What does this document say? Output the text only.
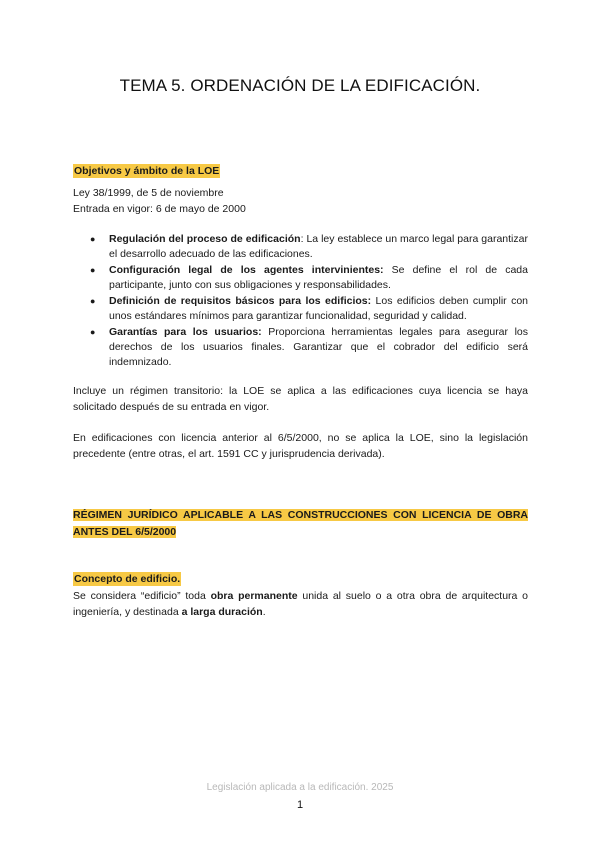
TEMA 5. ORDENACIÓN DE LA EDIFICACIÓN.
Objetivos y ámbito de la LOE
Ley 38/1999, de 5 de noviembre
Entrada en vigor: 6 de mayo de 2000
● Regulación del proceso de edificación: La ley establece un marco legal para garantizar el desarrollo adecuado de las edificaciones.
● Configuración legal de los agentes intervinientes: Se define el rol de cada participante, junto con sus obligaciones y responsabilidades.
● Definición de requisitos básicos para los edificios: Los edificios deben cumplir con unos estándares mínimos para garantizar funcionalidad, seguridad y calidad.
● Garantías para los usuarios: Proporciona herramientas legales para asegurar los derechos de los usuarios finales. Garantizar que el cobrador del edificio será indemnizado.
Incluye un régimen transitorio: la LOE se aplica a las edificaciones cuya licencia se haya solicitado después de su entrada en vigor.
En edificaciones con licencia anterior al 6/5/2000, no se aplica la LOE, sino la legislación precedente (entre otras, el art. 1591 CC y jurisprudencia derivada).
RÉGIMEN JURÍDICO APLICABLE A LAS CONSTRUCCIONES CON LICENCIA DE OBRA ANTES DEL 6/5/2000
Concepto de edificio.
Se considera “edificio” toda obra permanente unida al suelo o a otra obra de arquitectura o ingeniería, y destinada a larga duración.
Legislación aplicada a la edificación. 2025
1
